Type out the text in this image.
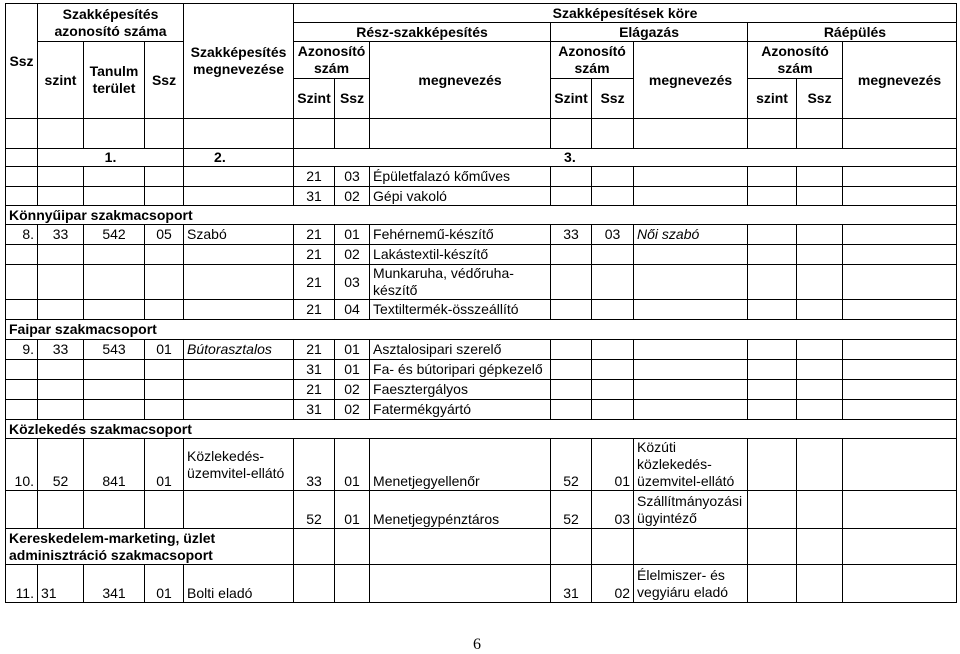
Ssz	Szakképesítés azonosító száma			Szakképesítés megnevezése	Szakképesítések köre								
					Rész-szakképesítés			Elágazás			Ráépülés		
	szint	Tanulm terület	Ssz		Azonosító szám		megnevezés	Azonosító szám		megnevezés	Azonosító szám		megnevezés
					Szint	Ssz		Szint	Ssz		szint	Ssz	

	1.			2.	3.								
					21	03	Épületfalazó kőműves						
					31	02	Gépi vakoló						
Könnyűipar szakmacsoport													
8.	33	542	05	Szabó	21	01	Fehérnemű-készítő	33	03	Női szabó			
					21	02	Lakástextil-készítő						
					21	03	Munkaruha, védőruha-készítő						
					21	04	Textiltermék-összeállító						
Faipar szakmacsoport													
9.	33	543	01	Bútorasztalos	21	01	Asztalosipari szerelő						
					31	01	Fa- és bútoripari gépkezelő						
					21	02	Faesztergályos						
					31	02	Fatermékgyártó						
Közlekedés szakmacsoport													
10.	52	841	01	Közlekedés-üzemvitel-ellátó	33	01	Menetjegyellenőr	52	01	Közúti közlekedés-üzemvitel-ellátó			
					52	01	Menetjegypénztáros	52	03	Szállítmányozási ügyintéző			
Kereskedelem-marketing, üzlet adminisztráció szakmacsoport													
11.	31	341	01	Bolti eladó				31	02	Élelmiszer- és vegyiáru eladó			
6
